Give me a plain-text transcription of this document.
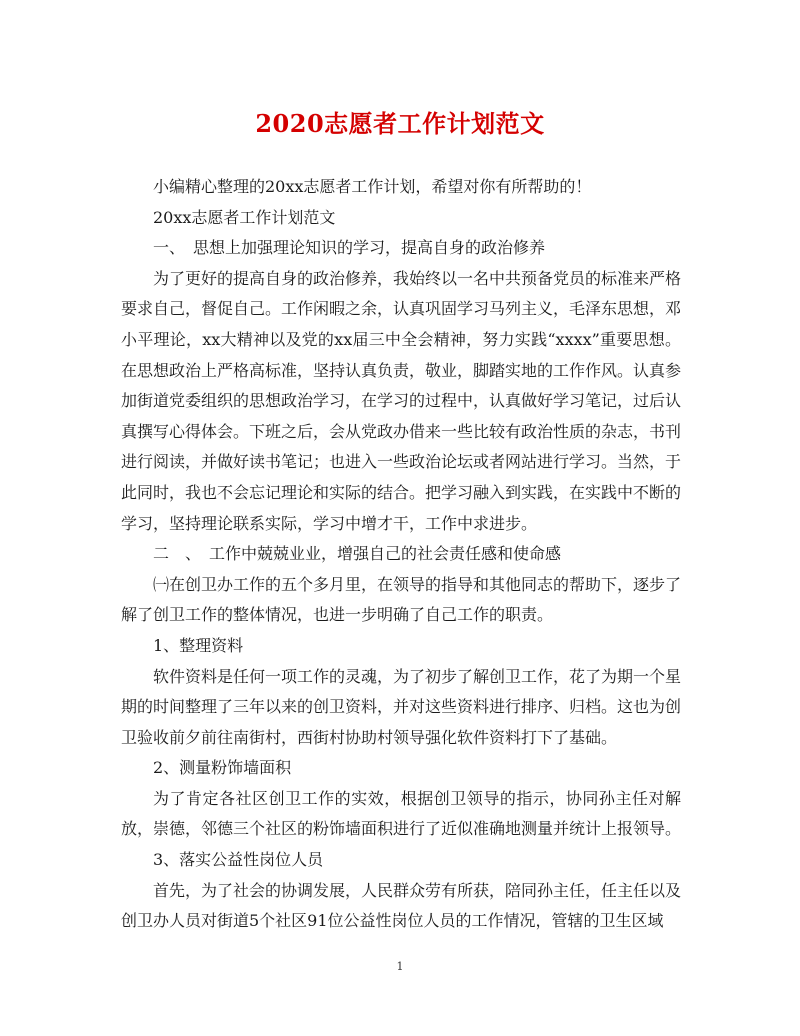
2020志愿者工作计划范文

小编精心整理的20xx志愿者工作计划，希望对你有所帮助的！

20xx志愿者工作计划范文

一、　思想上加强理论知识的学习，提高自身的政治修养

为了更好的提高自身的政治修养，我始终以一名中共预备党员的标准来严格要求自己，督促自己。工作闲暇之余，认真巩固学习马列主义，毛泽东思想，邓小平理论，xx大精神以及党的xx届三中全会精神，努力实践“xxxx”重要思想。在思想政治上严格高标准，坚持认真负责，敬业，脚踏实地的工作作风。认真参加街道党委组织的思想政治学习，在学习的过程中，认真做好学习笔记，过后认真撰写心得体会。下班之后，会从党政办借来一些比较有政治性质的杂志，书刊进行阅读，并做好读书笔记；也进入一些政治论坛或者网站进行学习。当然，于此同时，我也不会忘记理论和实际的结合。把学习融入到实践，在实践中不断的学习，坚持理论联系实际，学习中增才干，工作中求进步。

二　、　工作中兢兢业业，增强自己的社会责任感和使命感

㈠在创卫办工作的五个多月里，在领导的指导和其他同志的帮助下，逐步了解了创卫工作的整体情况，也进一步明确了自己工作的职责。

1、整理资料

软件资料是任何一项工作的灵魂，为了初步了解创卫工作，花了为期一个星期的时间整理了三年以来的创卫资料，并对这些资料进行排序、归档。这也为创卫验收前夕前往南街村，西街村协助村领导强化软件资料打下了基础。

2、测量粉饰墙面积

为了肯定各社区创卫工作的实效，根据创卫领导的指示，协同孙主任对解放，崇德，邻德三个社区的粉饰墙面积进行了近似准确地测量并统计上报领导。

3、落实公益性岗位人员

首先，为了社会的协调发展，人民群众劳有所获，陪同孙主任，任主任以及创卫办人员对街道5个社区91位公益性岗位人员的工作情况，管辖的卫生区域

1
